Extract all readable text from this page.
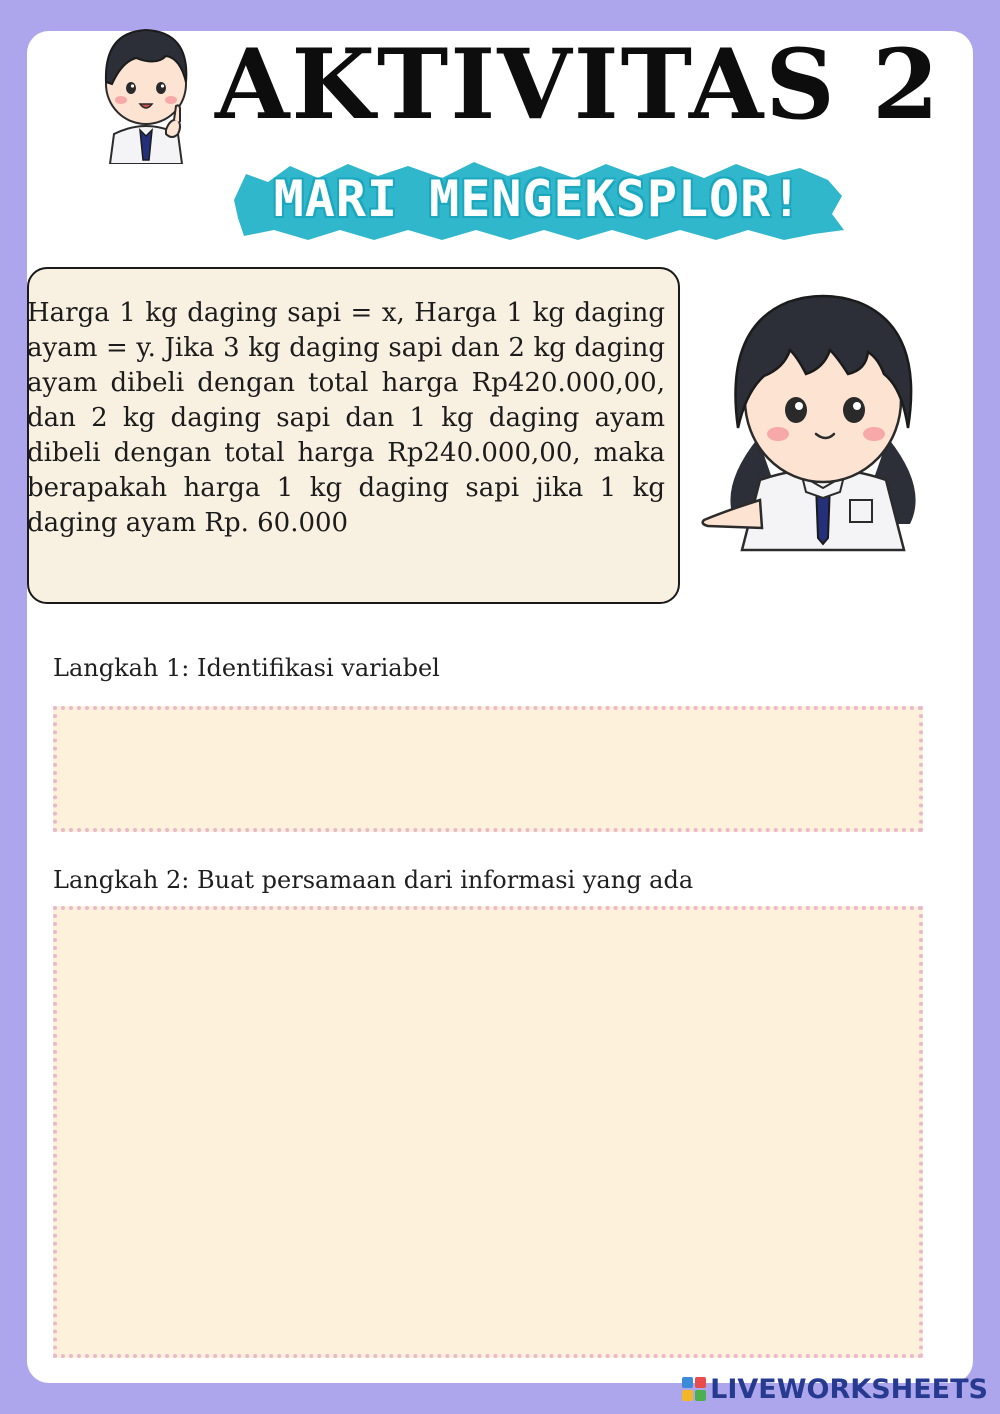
AKTIVITAS 2
MARI MENGEKSPLOR!
Harga 1 kg daging sapi = x, Harga 1 kg daging ayam = y. Jika 3 kg daging sapi dan 2 kg daging ayam dibeli dengan total harga Rp420.000,00, dan 2 kg daging sapi dan 1 kg daging ayam dibeli dengan total harga Rp240.000,00, maka berapakah harga 1 kg daging sapi jika 1 kg daging ayam Rp. 60.000
Langkah 1: Identifikasi variabel
Langkah 2: Buat persamaan dari informasi yang ada
LIVEWORKSHEETS
